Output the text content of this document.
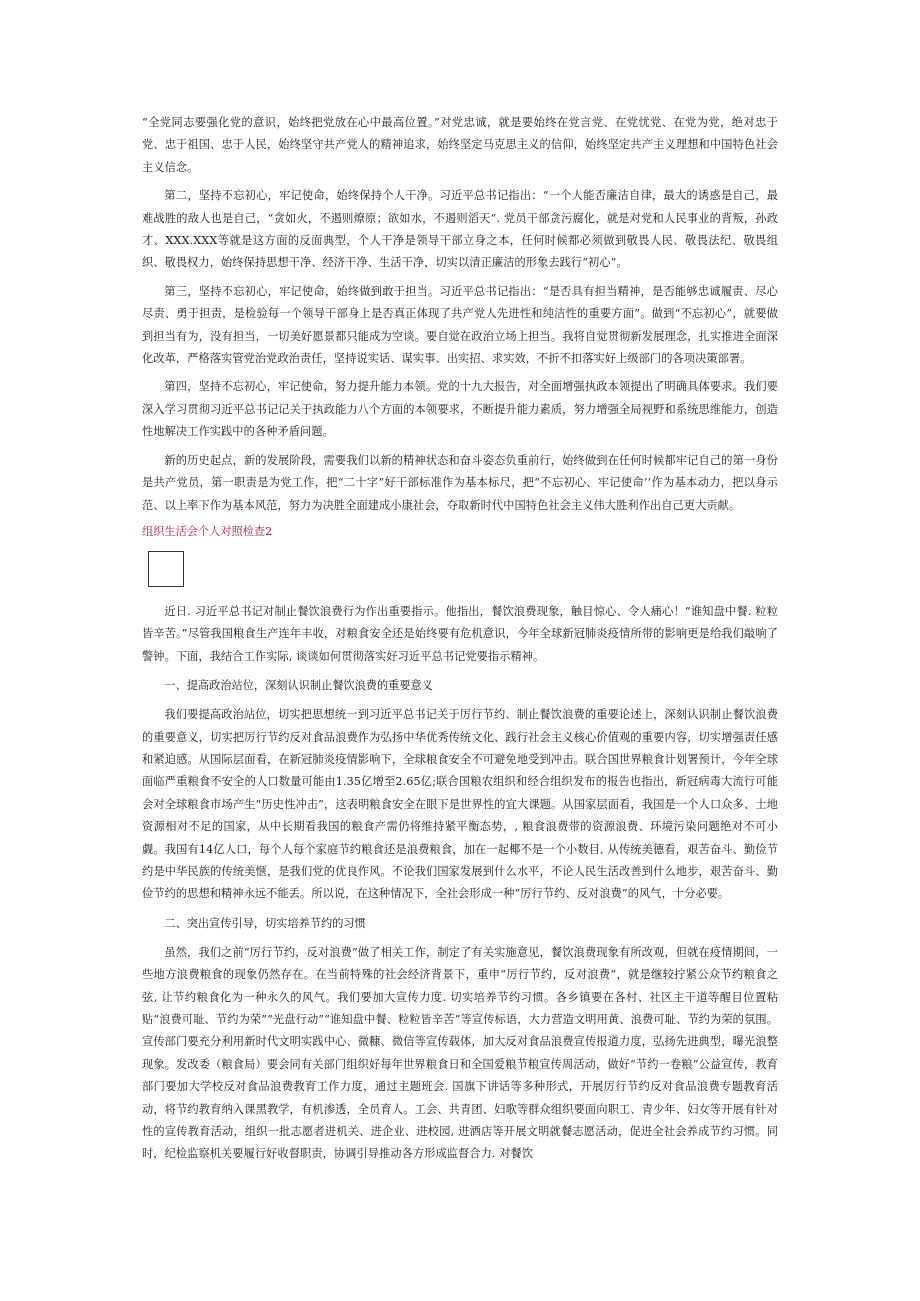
“全党同志要强化党的意识，始终把党放在心中最高位置。”对党忠诚，就是要始终在党言党、在党忧党、在党为党，绝对忠于党、忠于祖国、忠于人民，始终坚守共产党人的精神追求，始终坚定马克思主义的信仰，始终坚定共产主义理想和中国特色社会主义信念。

第二，坚持不忘初心，牢记使命，始终保持个人干净。习近平总书记指出：“一个人能否廉洁自律，最大的诱惑是自己，最难战胜的敌人也是自己，“贪如火，不遏则燎原；欲如水，不遏则滔天”. 党员干部贪污腐化，就是对党和人民事业的背叛，孙政才、XXX.XXX等就是这方面的反面典型，个人干净是领导干部立身之本，任何时候都必须做到敬畏人民、敬畏法纪、敬畏组织、敬畏权力，始终保持思想干净、经济干净、生活干净，切实以清正廉洁的形象去践行“初心”。

第三，坚持不忘初心，牢记使命，始终做到敢于担当。习近平总书记指出：“是否具有担当精神，是否能够忠诚履责、尽心尽责、勇于担责，是检验每一个领导干部身上是否真正体现了共产党人先进性和纯洁性的重要方面”。做到“不忘初心”，就要做到担当有为，没有担当，一切美好愿景都只能成为空谈。要自觉在政治立场上担当。我将自觉贯彻新发展理念，扎实推进全面深化改革，严格落实管党治党政治责任，坚持说实话、谋实事、出实招、求实效，不折不扣落实好上级部门的各项决策部署。

第四，坚持不忘初心，牢记使命，努力提升能力本领。党的十九大报告，对全面增强执政本领提出了明确具体要求。我们要深入学习贯彻习近平总书记记关于执政能力八个方面的本领要求，不断提升能力素质，努力增强全局视野和系统思维能力，创造性地解决工作实践中的各种矛盾问题。

新的历史起点，新的发展阶段，需要我们以新的精神状态和奋斗姿态负重前行，始终做到在任何时候都牢记自己的第一身份是共产党员，第一职责是为党工作，把“二十字”好干部标准作为基本标尺，把“不忘初心、牢记使命’’作为基本动力，把以身示范、以上率下作为基本风范，努力为决胜全面建成小康社会，夺取新时代中国特色社会主义伟大胜利作出自己更大贡献。

组织生活会个人对照检查2

近日. 习近平总书记对制止餐饮浪费行为作出重要指示。他指出，餐饮浪费现象，触目惊心、令人痛心！“谁知盘中餐. 粒粒皆辛苦。”尽管我国粮食生产连年丰收，对粮食安全还是始终要有危机意识，今年全球新冠肺炎疫情所带的影响更是给我们敲响了警钟。下面，我结合工作实际, 谈谈如何贯彻落实好习近平总书记党要指示精神。

一、提高政治站位，深刻认识制止餐饮浪费的重要意义

我们要提高政治站位，切实把思想统一到习近平总书记关于厉行节约、制止餐饮浪费的重要论述上，深刻认识制止餐饮浪费的重要意义，切实把厉行节约反对食品浪费作为弘扬中华优秀传统文化、践行社会主义核心价值观的重要内容，切实增强责任感和紧迫感。从国际层面看，在新冠肺炎疫情影响下，全球粮食安全不可避免地受到冲击。联合国世界粮食计划署预计，今年全球面临严重粮食不安全的人口数量可能由1.35亿增至2.65亿;联合国粮农组织和经合组织发布的报告也指出，新冠病毒大流行可能会对全球粮食市场产生“历史性冲击”，这表明粮食安全在眼下是世界性的宜大课题。从国家层面看，我国是一个人口众多、土地资源相对不足的国家，从中长期看我国的粮食产需仍将维持紧平衡态势，, 粮食浪费带的资源浪费、环境污染问题绝对不可小觑。我国有14亿人口，每个人每个家庭节约粮食还是浪费粮食，加在一起椰不是一个小数目, 从传统美德看，艰苦奋斗、勤俭节约是中华民族的传统美惬，是我们党的优良作风。不论我们国家发展到什么水平，不论人民生活改善到什么地步，艰苦奋斗、勤俭节约的思想和精神永远不能丢。所以说，在这种情况下，全社会形成一种“厉行节约、反对浪费”的风气，十分必要。

二、突出宣传引导，切实培养节约的习惯

虽然，我们之前“厉行节约，反对浪费”做了相关工作，制定了有关实施意见，餐饮浪费现象有所改观，但就在疫情期间，一些地方浪费粮食的现象仍然存在。在当前特殊的社会经济背景下，重申“厉行节约，反对浪费“，就是继较拧紧公众节约粮食之弦, 让节约粮食化为一种永久的风气。我们要加大宣传力度. 切实培养节约习惯。各乡镇要在各村、社区主干道等醒目位置粘贴“浪费可耻、节约为荣”“光盘行动”“谁知盘中餐、粒粒皆辛苦”等宣传标语，大力营造文明用黄、浪费可耻、节约为荣的氛围。宣传部门要充分利用新时代文明实践中心、微糠、微信等宣传载体，加大反对食品浪费宣传报道力度，弘扬先进典型，曝光浪整现象。发改委（粮食局）要会同有关部门组织好每年世界粮食日和全国爱粮节粮宣传周活动，做好“节约一卷粮”公益宣传，教育部门要加大学校反对食品浪费教育工作力度，通过主题班会. 国旗下讲话等多种形式，开展厉行节约反对食品浪费专题教育活动，将节约教育纳入课黑教学，有机渗透，全员育人。工会、共青团、妇歌等群众组织要面向职工、青少年、妇女等开展有针对性的宣传教育活动，组织一批志愿者进机关、进企业、进校园, 进酒店等开展文明就餐志愿活动，促进全社会养成节约习惯。同时，纪检监察机关要履行好收督职责，协调引导推动各方形成监督合力. 对餐饮
